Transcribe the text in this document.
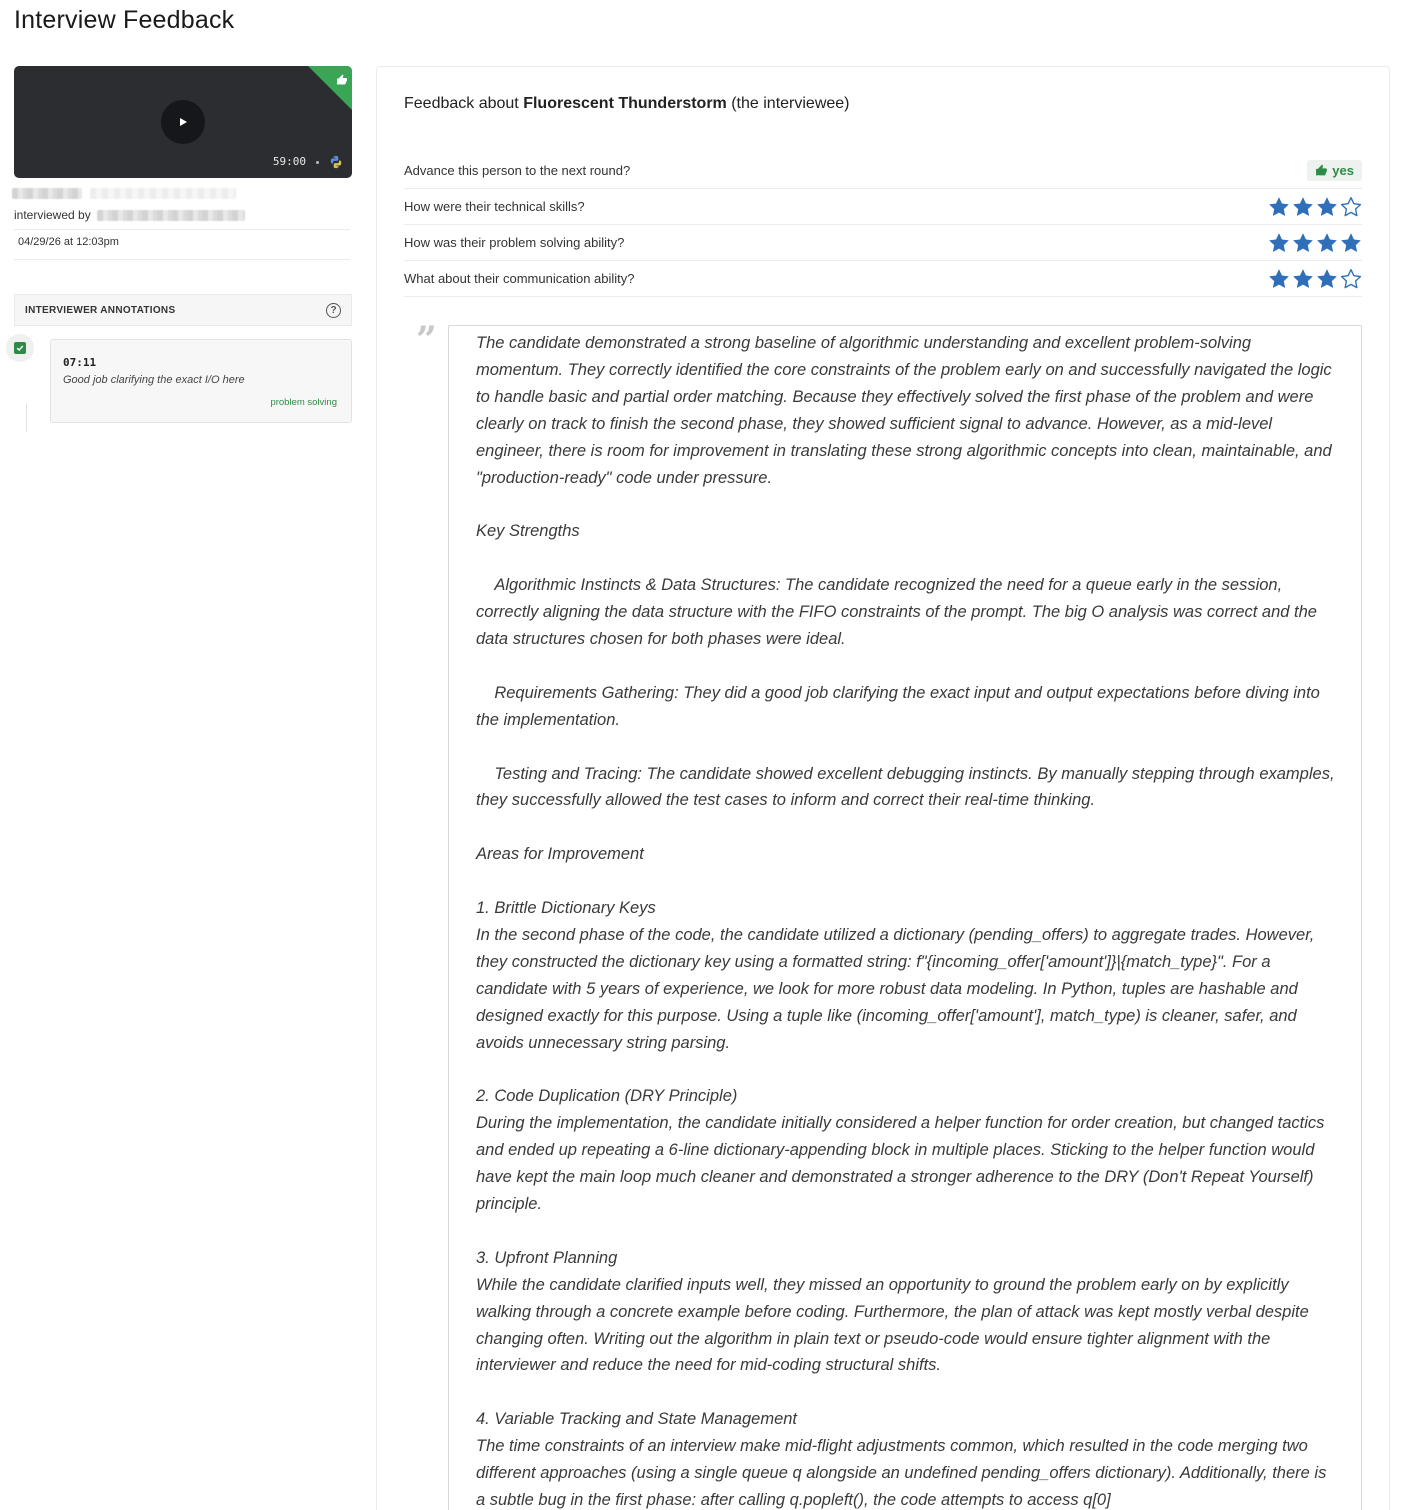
Interview Feedback
59:00
interviewed by
04/29/26 at 12:03pm
INTERVIEWER ANNOTATIONS	?
07:11
Good job clarifying the exact I/O here
problem solving
Feedback about Fluorescent Thunderstorm (the interviewee)
Advance this person to the next round?	yes
How were their technical skills?
How was their problem solving ability?
What about their communication ability?
” The candidate demonstrated a strong baseline of algorithmic understanding and excellent problem-solving momentum. They correctly identified the core constraints of the problem early on and successfully navigated the logic to handle basic and partial order matching. Because they effectively solved the first phase of the problem and were clearly on track to finish the second phase, they showed sufficient signal to advance. However, as a mid-level engineer, there is room for improvement in translating these strong algorithmic concepts into clean, maintainable, and "production-ready" code under pressure.

Key Strengths

Algorithmic Instincts & Data Structures: The candidate recognized the need for a queue early in the session, correctly aligning the data structure with the FIFO constraints of the prompt. The big O analysis was correct and the data structures chosen for both phases were ideal.

Requirements Gathering: They did a good job clarifying the exact input and output expectations before diving into the implementation.

Testing and Tracing: The candidate showed excellent debugging instincts. By manually stepping through examples, they successfully allowed the test cases to inform and correct their real-time thinking.

Areas for Improvement

1. Brittle Dictionary Keys
In the second phase of the code, the candidate utilized a dictionary (pending_offers) to aggregate trades. However, they constructed the dictionary key using a formatted string: f"{incoming_offer['amount']}|{match_type}". For a candidate with 5 years of experience, we look for more robust data modeling. In Python, tuples are hashable and designed exactly for this purpose. Using a tuple like (incoming_offer['amount'], match_type) is cleaner, safer, and avoids unnecessary string parsing.

2. Code Duplication (DRY Principle)
During the implementation, the candidate initially considered a helper function for order creation, but changed tactics and ended up repeating a 6-line dictionary-appending block in multiple places. Sticking to the helper function would have kept the main loop much cleaner and demonstrated a stronger adherence to the DRY (Don't Repeat Yourself) principle.

3. Upfront Planning
While the candidate clarified inputs well, they missed an opportunity to ground the problem early on by explicitly walking through a concrete example before coding. Furthermore, the plan of attack was kept mostly verbal despite changing often. Writing out the algorithm in plain text or pseudo-code would ensure tighter alignment with the interviewer and reduce the need for mid-coding structural shifts.

4. Variable Tracking and State Management
The time constraints of an interview make mid-flight adjustments common, which resulted in the code merging two different approaches (using a single queue q alongside an undefined pending_offers dictionary). Additionally, there is a subtle bug in the first phase: after calling q.popleft(), the code attempts to access q[0]
